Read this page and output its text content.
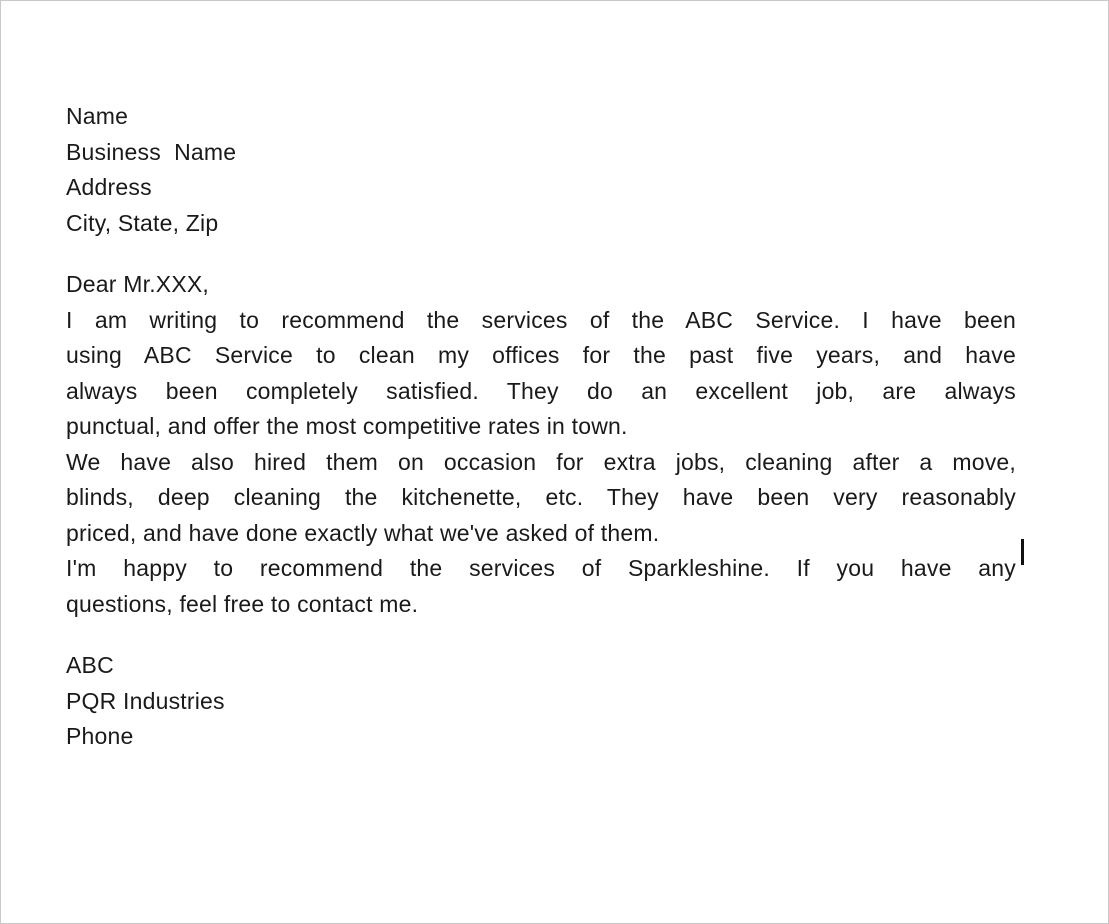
Name
Business  Name
Address
City, State, Zip
Dear Mr.XXX,
I am writing to recommend the services of the ABC Service. I have been
using ABC Service to clean my offices for the past five years, and have
always been completely satisfied. They do an excellent job, are always
punctual, and offer the most competitive rates in town.
We have also hired them on occasion for extra jobs, cleaning after a move,
blinds, deep cleaning the kitchenette, etc. They have been very reasonably
priced, and have done exactly what we've asked of them.
I'm happy to recommend the services of Sparkleshine. If you have any
questions, feel free to contact me.
ABC
PQR Industries
Phone
